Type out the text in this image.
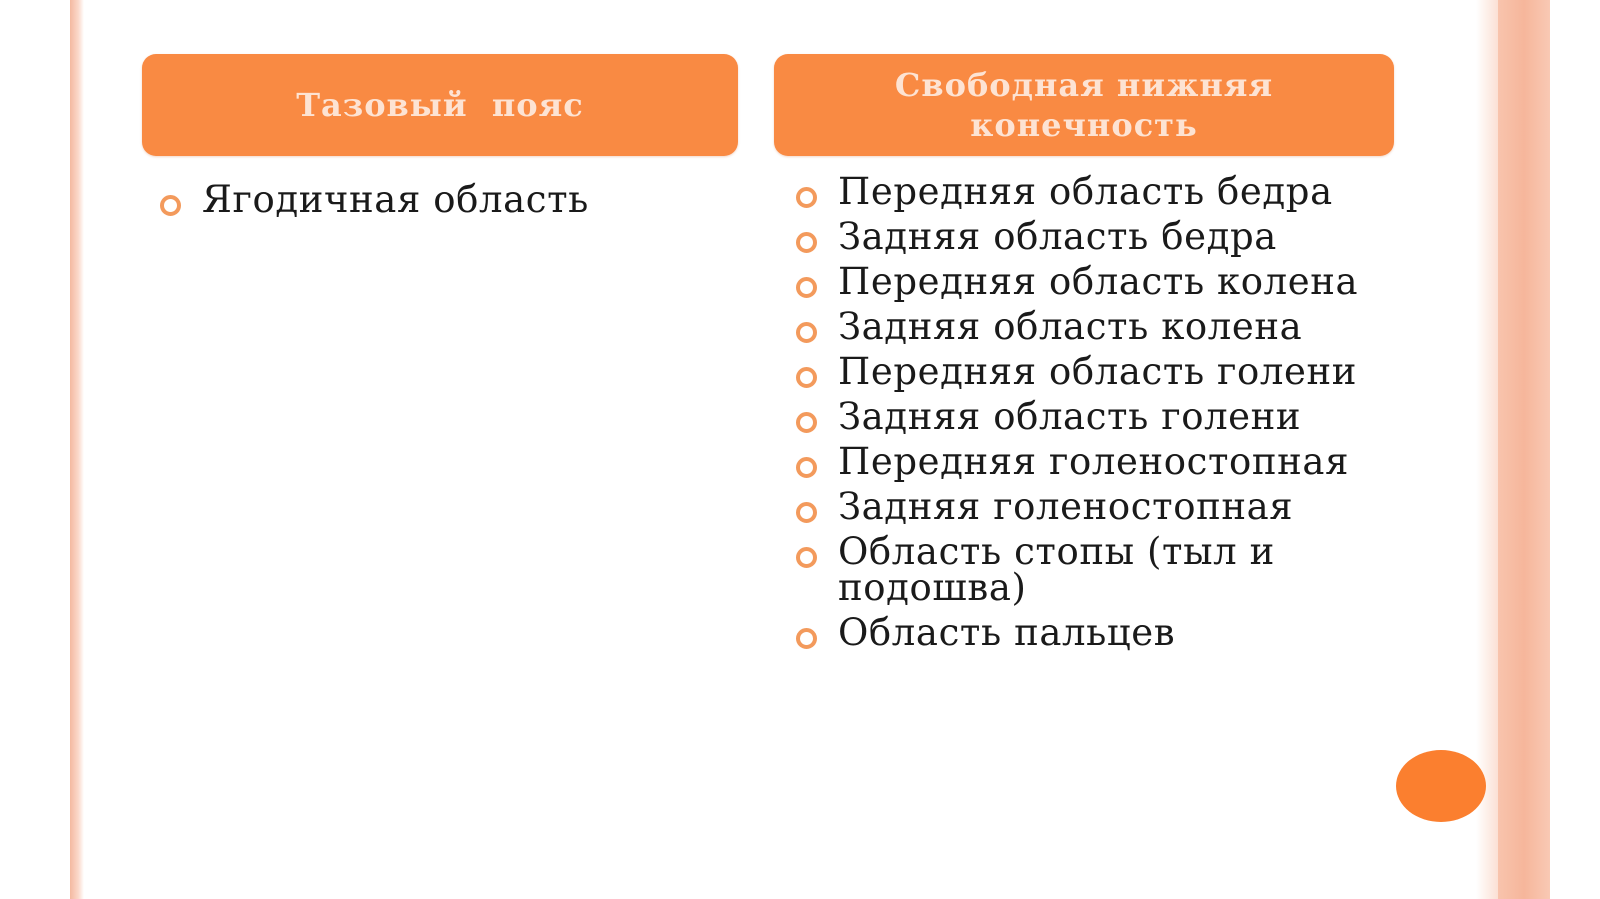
Тазовый  пояс
Свободная нижняя конечность
Ягодичная область	Передняя область бедра
Задняя область бедра
Передняя область колена
Задняя область колена
Передняя область голени
Задняя область голени
Передняя голеностопная
Задняя голеностопная
Область стопы (тыл и подошва)
Область пальцев
